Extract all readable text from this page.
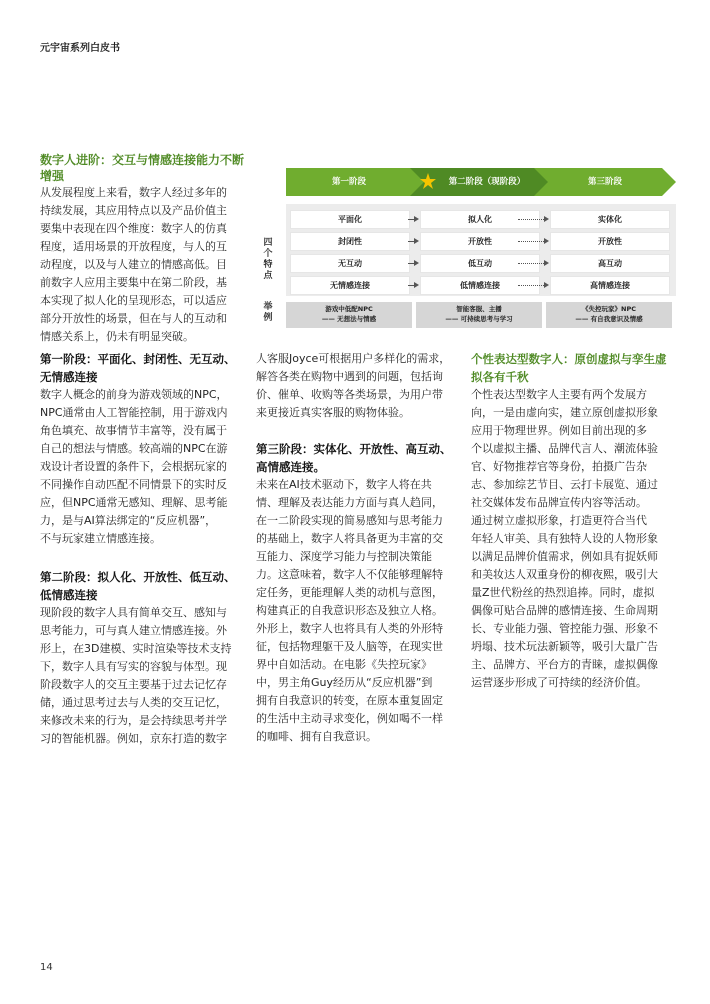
元宇宙系列白皮书
数字人进阶：交互与情感连接能力不断
增强
从发展程度上来看，数字人经过多年的
持续发展，其应用特点以及产品价值主
要集中表现在四个维度：数字人的仿真
程度，适用场景的开放程度，与人的互
动程度，以及与人建立的情感高低。目
前数字人应用主要集中在第二阶段，基
本实现了拟人化的呈现形态，可以适应
部分开放性的场景，但在与人的互动和
情感关系上，仍未有明显突破。
第一阶段	第二阶段（现阶段）	第三阶段
四
个
特
点
举
例
平面化	拟人化	实体化
封闭性	开放性	开放性
无互动	低互动	高互动
无情感连接	低情感连接	高情感连接
游戏中低配NPC
—— 无想法与情感
智能客服、主播
—— 可持续思考与学习
《失控玩家》NPC
—— 有自我意识及情感
第一阶段：平面化、封闭性、无互动、
无情感连接
数字人概念的前身为游戏领域的NPC，
NPC通常由人工智能控制，用于游戏内
角色填充、故事情节丰富等，没有属于
自己的想法与情感。较高端的NPC在游
戏设计者设置的条件下，会根据玩家的
不同操作自动匹配不同情景下的实时反
应，但NPC通常无感知、理解、思考能
力，是与AI算法绑定的“反应机器”，
不与玩家建立情感连接。
第二阶段：拟人化、开放性、低互动、
低情感连接
现阶段的数字人具有简单交互、感知与
思考能力，可与真人建立情感连接。外
形上，在3D建模、实时渲染等技术支持
下，数字人具有写实的容貌与体型。现
阶段数字人的交互主要基于过去记忆存
储，通过思考过去与人类的交互记忆，
来修改未来的行为，是会持续思考并学
习的智能机器。例如，京东打造的数字
人客服Joyce可根据用户多样化的需求，
解答各类在购物中遇到的问题，包括询
价、催单、收购等各类场景，为用户带
来更接近真实客服的购物体验。
第三阶段：实体化、开放性、高互动、
高情感连接。
未来在AI技术驱动下，数字人将在共
情、理解及表达能力方面与真人趋同，
在一二阶段实现的简易感知与思考能力
的基础上，数字人将具备更为丰富的交
互能力、深度学习能力与控制决策能
力。这意味着，数字人不仅能够理解特
定任务，更能理解人类的动机与意图，
构建真正的自我意识形态及独立人格。
外形上，数字人也将具有人类的外形特
征，包括物理躯干及人脑等，在现实世
界中自如活动。在电影《失控玩家》
中，男主角Guy经历从“反应机器”到
拥有自我意识的转变，在原本重复固定
的生活中主动寻求变化，例如喝不一样
的咖啡、拥有自我意识。
个性表达型数字人：原创虚拟与孪生虚
拟各有千秋
个性表达型数字人主要有两个发展方
向，一是由虚向实，建立原创虚拟形象
应用于物理世界。例如目前出现的多
个以虚拟主播、品牌代言人、潮流体验
官、好物推荐官等身份，拍摄广告杂
志、参加综艺节目、云打卡展览、通过
社交媒体发布品牌宣传内容等活动。
通过树立虚拟形象，打造更符合当代
年轻人审美、具有独特人设的人物形象
以满足品牌价值需求，例如具有捉妖师
和美妆达人双重身份的柳夜熙，吸引大
量Z世代粉丝的热烈追捧。同时，虚拟
偶像可贴合品牌的感情连接、生命周期
长、专业能力强、管控能力强、形象不
坍塌、技术玩法新颖等，吸引大量广告
主、品牌方、平台方的青睐，虚拟偶像
运营逐步形成了可持续的经济价值。
14
